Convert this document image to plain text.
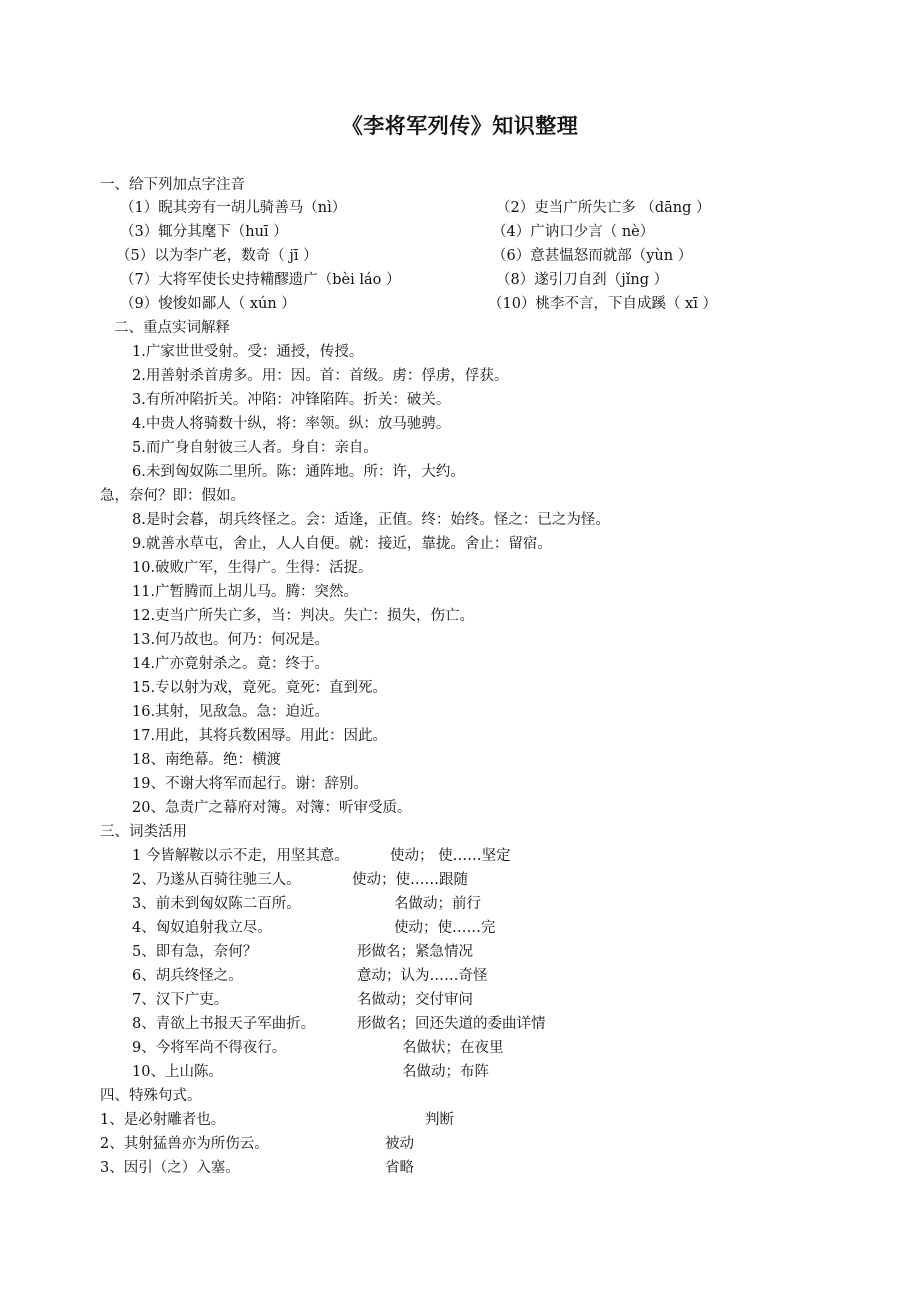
《李将军列传》知识整理
一、给下列加点字注音
（1）睨其旁有一胡儿骑善马（nì）	（2）吏当广所失亡多 （dāng ）
（3）辄分其麾下（huī ）	（4）广讷口少言（ nè）
（5）以为李广老，数奇（ jī ）	（6）意甚愠怒而就部（yùn ）
（7）大将军使长史持糒醪遗广（bèi láo ）	（8）遂引刀自刭（jǐng ）
（9）悛悛如鄙人（ xún ）	（10）桃李不言，下自成蹊（ xī ）
二、重点实词解释
1.广家世世受射。受：通授，传授。
2.用善射杀首虏多。用：因。首：首级。虏：俘虏，俘获。
3.有所冲陷折关。冲陷：冲锋陷阵。折关：破关。
4.中贵人将骑数十纵，将：率领。纵：放马驰骋。
5.而广身自射彼三人者。身自：亲自。
6.未到匈奴陈二里所。陈：通阵地。所：许，大约。
急，奈何？即：假如。
8.是时会暮，胡兵终怪之。会：适逢，正值。终：始终。怪之：已之为怪。
9.就善水草屯，舍止，人人自便。就：接近，靠拢。舍止：留宿。
10.破败广军，生得广。生得：活捉。
11.广暂腾而上胡儿马。腾：突然。
12.吏当广所失亡多，当：判决。失亡：损失，伤亡。
13.何乃故也。何乃：何况是。
14.广亦竟射杀之。竟：终于。
15.专以射为戏，竟死。竟死：直到死。
16.其射，见敌急。急：迫近。
17.用此，其将兵数困辱。用此：因此。
18、南绝幕。绝：横渡
19、不谢大将军而起行。谢：辞别。
20、急责广之幕府对簿。对簿：听审受质。
三、词类活用
1 今皆解鞍以示不走，用坚其意。	使动； 使……坚定
2、乃遂从百骑往驰三人。	使动；使……跟随
3、前未到匈奴陈二百所。	名做动；前行
4、匈奴追射我立尽。	使动；使……完
5、即有急，奈何？	形做名；紧急情况
6、胡兵终怪之。	意动；认为……奇怪
7、汉下广吏。	名做动；交付审问
8、青欲上书报天子军曲折。	形做名；回还失道的委曲详情
9、今将军尚不得夜行。	名做状；在夜里
10、上山陈。	名做动；布阵
四、特殊句式。
1、是必射雕者也。	判断
2、其射猛兽亦为所伤云。	被动
3、因引（之）入塞。	省略
